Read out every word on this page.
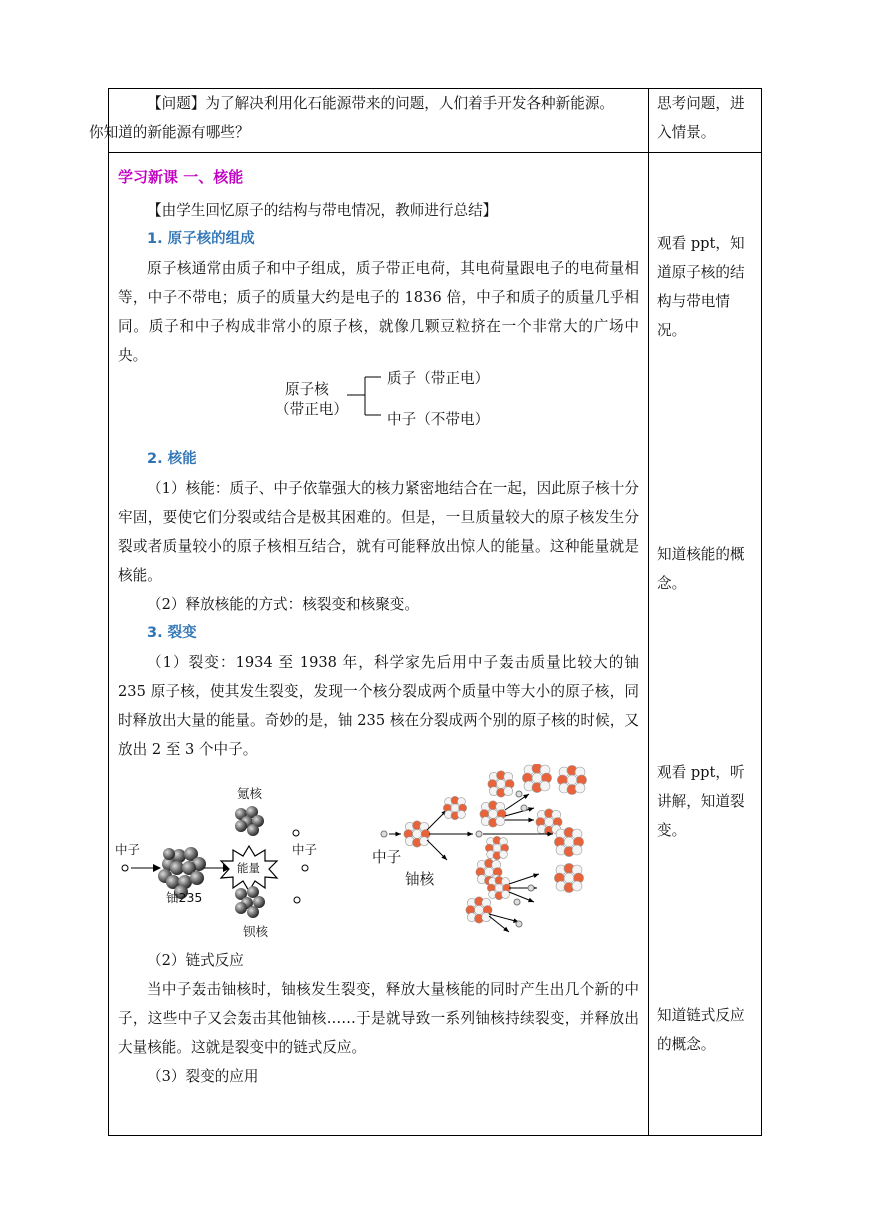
【问题】为了解决利用化石能源带来的问题，人们着手开发各种新能源。
你知道的新能源有哪些？

思考问题，进入情景。

学习新课 一、核能

【由学生回忆原子的结构与带电情况，教师进行总结】

1. 原子核的组成

原子核通常由质子和中子组成，质子带正电荷，其电荷量跟电子的电荷量相等，中子不带电；质子的质量大约是电子的 1836 倍，中子和质子的质量几乎相同。质子和中子构成非常小的原子核，就像几颗豆粒挤在一个非常大的广场中央。

原子核
（带正电）
质子（带正电）
中子（不带电）
2. 核能

（1）核能：质子、中子依靠强大的核力紧密地结合在一起，因此原子核十分牢固，要使它们分裂或结合是极其困难的。但是，一旦质量较大的原子核发生分裂或者质量较小的原子核相互结合，就有可能释放出惊人的能量。这种能量就是核能。

（2）释放核能的方式：核裂变和核聚变。

3. 裂变

（1）裂变：1934 至 1938 年，科学家先后用中子轰击质量比较大的铀 235 原子核，使其发生裂变，发现一个核分裂成两个质量中等大小的原子核，同时释放出大量的能量。奇妙的是，铀 235 核在分裂成两个别的原子核的时候，又放出 2 至 3 个中子。

中子
铀235
氪核
能量
钡核
中子	中子
铀核

（2）链式反应

当中子轰击铀核时，铀核发生裂变，释放大量核能的同时产生出几个新的中子，这些中子又会轰击其他铀核……于是就导致一系列铀核持续裂变，并释放出大量核能。这就是裂变中的链式反应。

（3）裂变的应用

观看 ppt，知道原子核的结构与带电情况。
知道核能的概念。
观看 ppt，听讲解，知道裂变。
知道链式反应的概念。
